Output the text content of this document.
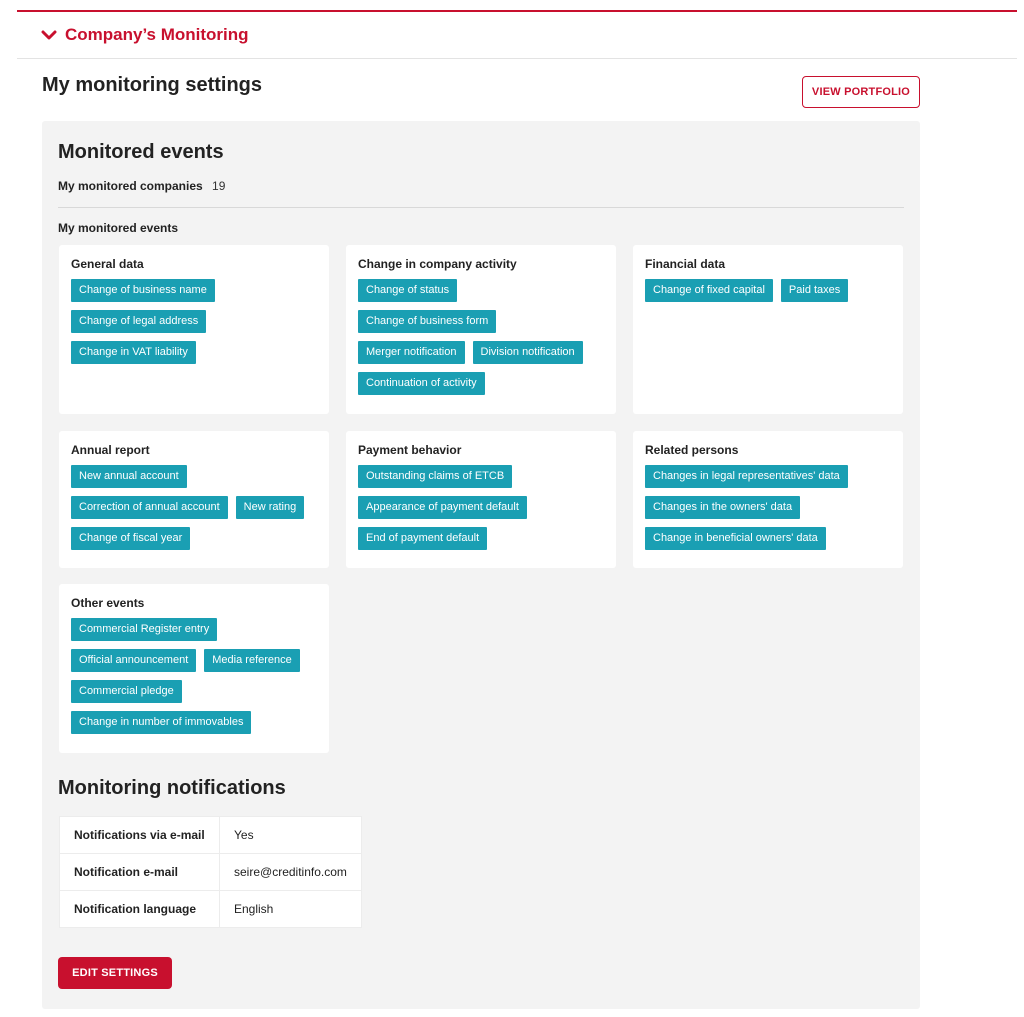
Company’s Monitoring
My monitoring settings	VIEW PORTFOLIO
Monitored events
My monitored companies 19
My monitored events
General data
Change of business name
Change of legal address
Change in VAT liability
Change in company activity
Change of status
Change of business form
Merger notification	Division notification
Continuation of activity
Financial data
Change of fixed capital	Paid taxes
Annual report
New annual account
Correction of annual account	New rating
Change of fiscal year
Payment behavior
Outstanding claims of ETCB
Appearance of payment default
End of payment default
Related persons
Changes in legal representatives' data
Changes in the owners' data
Change in beneficial owners' data
Other events
Commercial Register entry
Official announcement	Media reference
Commercial pledge
Change in number of immovables
Monitoring notifications
Notifications via e-mail	Yes
Notification e-mail	seire@creditinfo.com
Notification language	English
EDIT SETTINGS
